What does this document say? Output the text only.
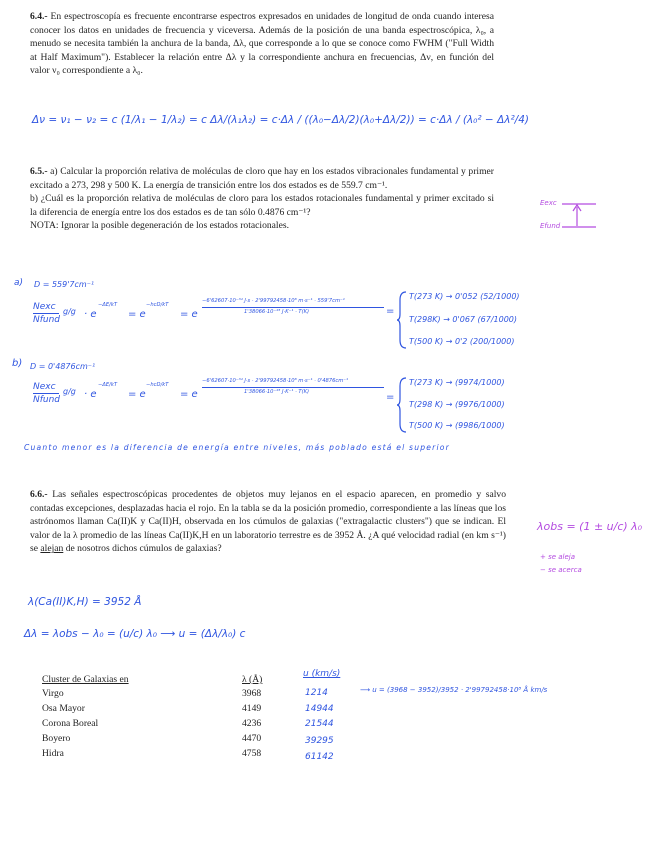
6.4.- En espectroscopía es frecuente encontrarse espectros expresados en unidades de longitud de onda cuando interesa conocer los datos en unidades de frecuencia y viceversa. Además de la posición de una banda espectroscópica, λ₀, a menudo se necesita también la anchura de la banda, Δλ, que corresponde a lo que se conoce como FWHM ("Full Width at Half Maximum"). Establecer la relación entre Δλ y la correspondiente anchura en frecuencias, Δν, en función del valor ν₀ correspondiente a λ₀.
Δν = ν₁ − ν₂ = c (1/λ₁ − 1/λ₂) = c Δλ/(λ₁λ₂) = c·Δλ / ((λ₀−Δλ/2)(λ₀+Δλ/2)) = c·Δλ / (λ₀² − Δλ²/4)
6.5.- a) Calcular la proporción relativa de moléculas de cloro que hay en los estados vibracionales fundamental y primer excitado a 273, 298 y 500 K. La energía de transición entre los dos estados es de 559.7 cm⁻¹.
b) ¿Cuál es la proporción relativa de moléculas de cloro para los estados rotacionales fundamental y primer excitado si la diferencia de energía entre los dos estados es de tan sólo 0.4876 cm⁻¹?
NOTA: Ignorar la posible degeneración de los estados rotacionales.
Eexc
Efund
a) D = 559'7cm⁻¹
Nexc
Nfund
g/g · e
−ΔE/kT
= e
−hcD/kT
= e
−6'62607·10⁻³⁴ J·s · 2'99792458·10⁸ m·s⁻¹ · 559'7cm⁻¹
1'38066·10⁻²³ J·K⁻¹ · T(K)	=
T(273 K) → 0'052 (52/1000)
T(298K) → 0'067 (67/1000)
T(500 K) → 0'2 (200/1000)
b) D = 0'4876cm⁻¹
Nexc
Nfund
g/g · e
−ΔE/kT
= e
−hcD/kT
= e
−6'62607·10⁻³⁴ J·s · 2'99792458·10⁸ m·s⁻¹ · 0'4876cm⁻¹
1'38066·10⁻²³ J·K⁻¹ · T(K)	=
T(273 K) → (9974/1000)
T(298 K) → (9976/1000)
T(500 K) → (9986/1000)
Cuanto menor es la diferencia de energía entre niveles, más poblado está el superior
6.6.- Las señales espectroscópicas procedentes de objetos muy lejanos en el espacio aparecen, en promedio y salvo contadas excepciones, desplazadas hacia el rojo. En la tabla se da la posición promedio, correspondiente a las líneas que los astrónomos llaman Ca(II)K y Ca(II)H, observada en los cúmulos de galaxias ("extragalactic clusters") que se indican. El valor de la λ promedio de las líneas Ca(II)K,H en un laboratorio terrestre es de 3952 Å. ¿A qué velocidad radial (en km s⁻¹) se alejan de nosotros dichos cúmulos de galaxias?
λobs = (1 ± u/c) λ₀
+ se aleja
− se acerca
λ(Ca(II)K,H) = 3952 Å
Δλ = λobs − λ₀ = (u/c) λ₀ ⟶ u = (Δλ/λ₀) c
Cluster de Galaxias en	λ (Å)	u (km/s)
Virgo	3968	1214
Osa Mayor	4149	14944
Corona Boreal	4236	21544
Boyero	4470	39295
Hidra	4758	61142
⟶ u = (3968 − 3952)/3952 · 2'99792458·10⁸ Å km/s
